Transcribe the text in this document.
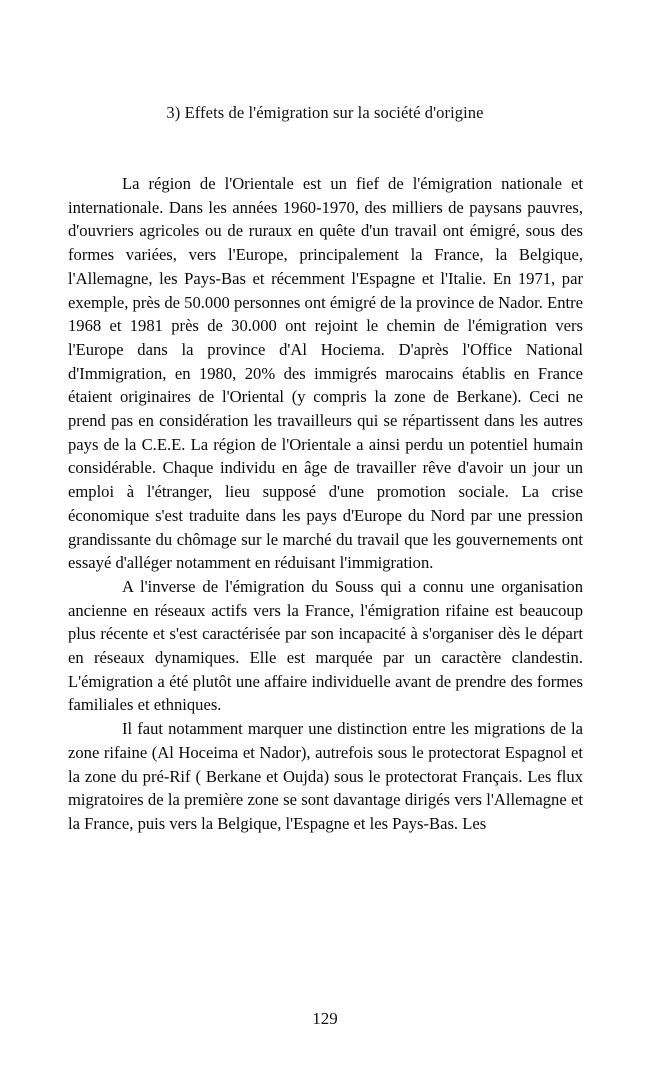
3) Effets de l'émigration sur la société d'origine

La région de l'Orientale est un fief de l'émigration nationale et internationale. Dans les années 1960-1970, des milliers de paysans pauvres, d'ouvriers agricoles ou de ruraux en quête d'un travail ont émigré, sous des formes variées, vers l'Europe, principalement la France, la Belgique, l'Allemagne, les Pays-Bas et récemment l'Espagne et l'Italie. En 1971, par exemple, près de 50.000 personnes ont émigré de la province de Nador. Entre 1968 et 1981 près de 30.000 ont rejoint le chemin de l'émigration vers l'Europe dans la province d'Al Hociema. D'après l'Office National d'Immigration, en 1980, 20% des immigrés marocains établis en France étaient originaires de l'Oriental (y compris la zone de Berkane). Ceci ne prend pas en considération les travailleurs qui se répartissent dans les autres pays de la C.E.E. La région de l'Orientale a ainsi perdu un potentiel humain considérable. Chaque individu en âge de travailler rêve d'avoir un jour un emploi à l'étranger, lieu supposé d'une promotion sociale. La crise économique s'est traduite dans les pays d'Europe du Nord par une pression grandissante du chômage sur le marché du travail que les gouvernements ont essayé d'alléger notamment en réduisant l'immigration.

A l'inverse de l'émigration du Souss qui a connu une organisation ancienne en réseaux actifs vers la France, l'émigration rifaine est beaucoup plus récente et s'est caractérisée par son incapacité à s'organiser dès le départ en réseaux dynamiques. Elle est marquée par un caractère clandestin. L'émigration a été plutôt une affaire individuelle avant de prendre des formes familiales et ethniques.

Il faut notamment marquer une distinction entre les migrations de la zone rifaine (Al Hoceima et Nador), autrefois sous le protectorat Espagnol et la zone du pré-Rif ( Berkane et Oujda) sous le protectorat Français. Les flux migratoires de la première zone se sont davantage dirigés vers l'Allemagne et la France, puis vers la Belgique, l'Espagne et les Pays-Bas. Les

129
